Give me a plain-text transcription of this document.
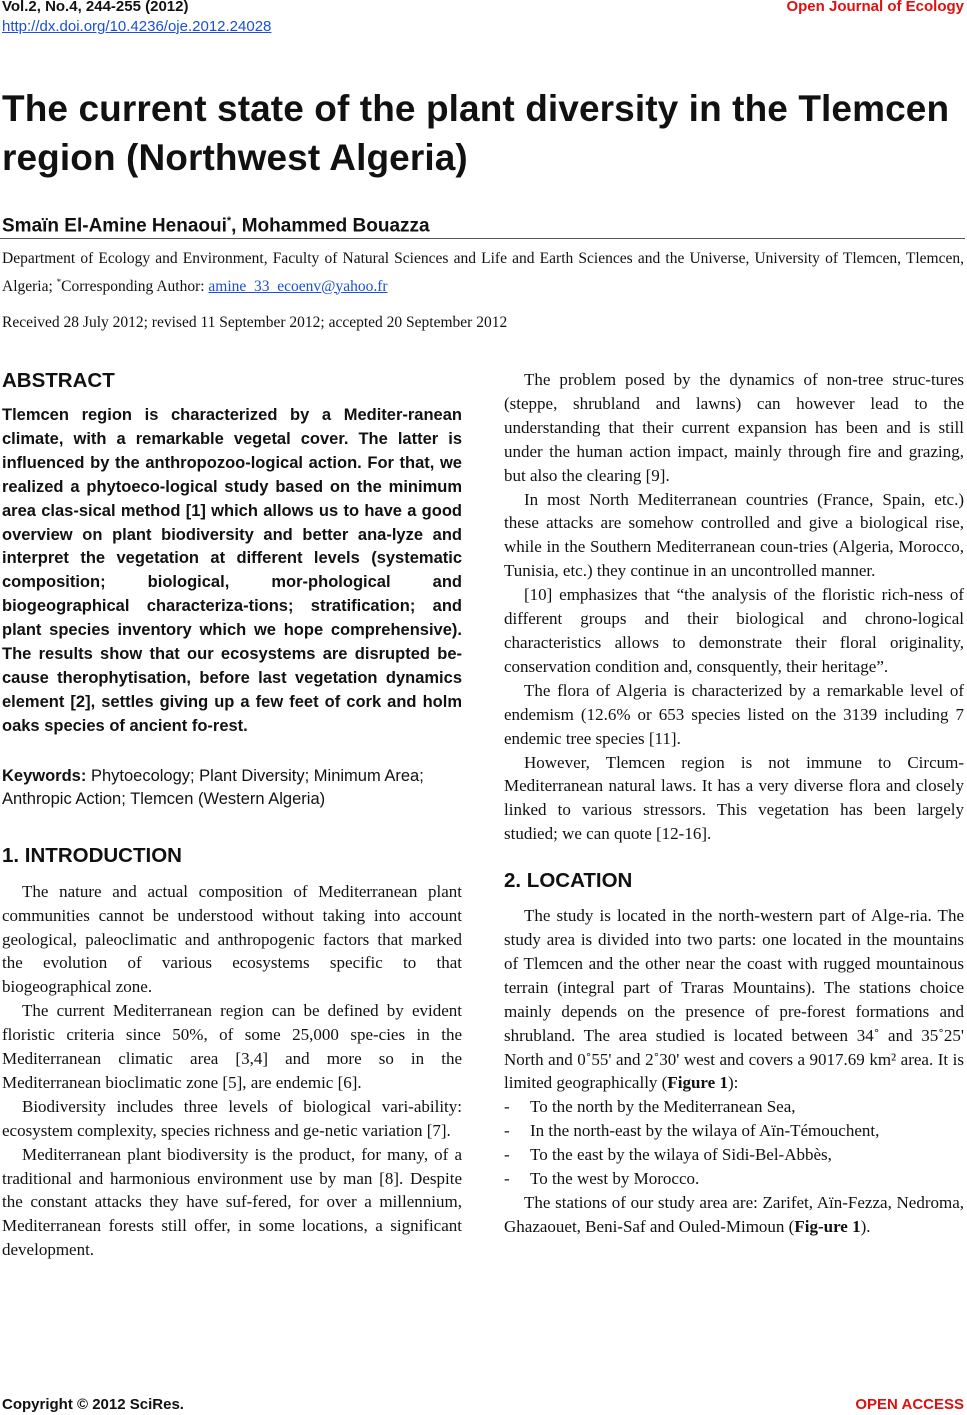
Vol.2, No.4, 244-255 (2012)
http://dx.doi.org/10.4236/oje.2012.24028
Open Journal of Ecology
The current state of the plant diversity in the Tlemcen region (Northwest Algeria)
Smaïn El-Amine Henaoui*, Mohammed Bouazza
Department of Ecology and Environment, Faculty of Natural Sciences and Life and Earth Sciences and the Universe, University of Tlemcen, Tlemcen, Algeria; *Corresponding Author: amine_33_ecoenv@yahoo.fr
Received 28 July 2012; revised 11 September 2012; accepted 20 September 2012
ABSTRACT

Tlemcen region is characterized by a Mediter-ranean climate, with a remarkable vegetal cover. The latter is influenced by the anthropozoo-logical action. For that, we realized a phytoeco-logical study based on the minimum area clas-sical method [1] which allows us to have a good overview on plant biodiversity and better ana-lyze and interpret the vegetation at different levels (systematic composition; biological, mor-phological and biogeographical characteriza-tions; stratification; and plant species inventory which we hope comprehensive). The results show that our ecosystems are disrupted be-cause therophytisation, before last vegetation dynamics element [2], settles giving up a few feet of cork and holm oaks species of ancient fo-rest.

Keywords: Phytoecology; Plant Diversity; Minimum Area; Anthropic Action; Tlemcen (Western Algeria)

1. INTRODUCTION

The nature and actual composition of Mediterranean plant communities cannot be understood without taking into account geological, paleoclimatic and anthropogenic factors that marked the evolution of various ecosystems specific to that biogeographical zone.

The current Mediterranean region can be defined by evident floristic criteria since 50%, of some 25,000 spe-cies in the Mediterranean climatic area [3,4] and more so in the Mediterranean bioclimatic zone [5], are endemic [6].

Biodiversity includes three levels of biological vari-ability: ecosystem complexity, species richness and ge-netic variation [7].

Mediterranean plant biodiversity is the product, for many, of a traditional and harmonious environment use by man [8]. Despite the constant attacks they have suf-fered, for over a millennium, Mediterranean forests still offer, in some locations, a significant development.

The problem posed by the dynamics of non-tree struc-tures (steppe, shrubland and lawns) can however lead to the understanding that their current expansion has been and is still under the human action impact, mainly through fire and grazing, but also the clearing [9].

In most North Mediterranean countries (France, Spain, etc.) these attacks are somehow controlled and give a biological rise, while in the Southern Mediterranean coun-tries (Algeria, Morocco, Tunisia, etc.) they continue in an uncontrolled manner.

[10] emphasizes that “the analysis of the floristic rich-ness of different groups and their biological and chrono-logical characteristics allows to demonstrate their floral originality, conservation condition and, consquently, their heritage”.

The flora of Algeria is characterized by a remarkable level of endemism (12.6% or 653 species listed on the 3139 including 7 endemic tree species [11].

However, Tlemcen region is not immune to Circum-Mediterranean natural laws. It has a very diverse flora and closely linked to various stressors. This vegetation has been largely studied; we can quote [12-16].

2. LOCATION

The study is located in the north-western part of Alge-ria. The study area is divided into two parts: one located in the mountains of Tlemcen and the other near the coast with rugged mountainous terrain (integral part of Traras Mountains). The stations choice mainly depends on the presence of pre-forest formations and shrubland. The area studied is located between 34˚ and 35˚25' North and 0˚55' and 2˚30' west and covers a 9017.69 km² area. It is limited geographically (Figure 1):

- To the north by the Mediterranean Sea,

- In the north-east by the wilaya of Aïn-Témouchent,

- To the east by the wilaya of Sidi-Bel-Abbès,

- To the west by Morocco.

The stations of our study area are: Zarifet, Aïn-Fezza, Nedroma, Ghazaouet, Beni-Saf and Ouled-Mimoun (Fig-ure 1).

Copyright © 2012 SciRes.	OPEN ACCESS
